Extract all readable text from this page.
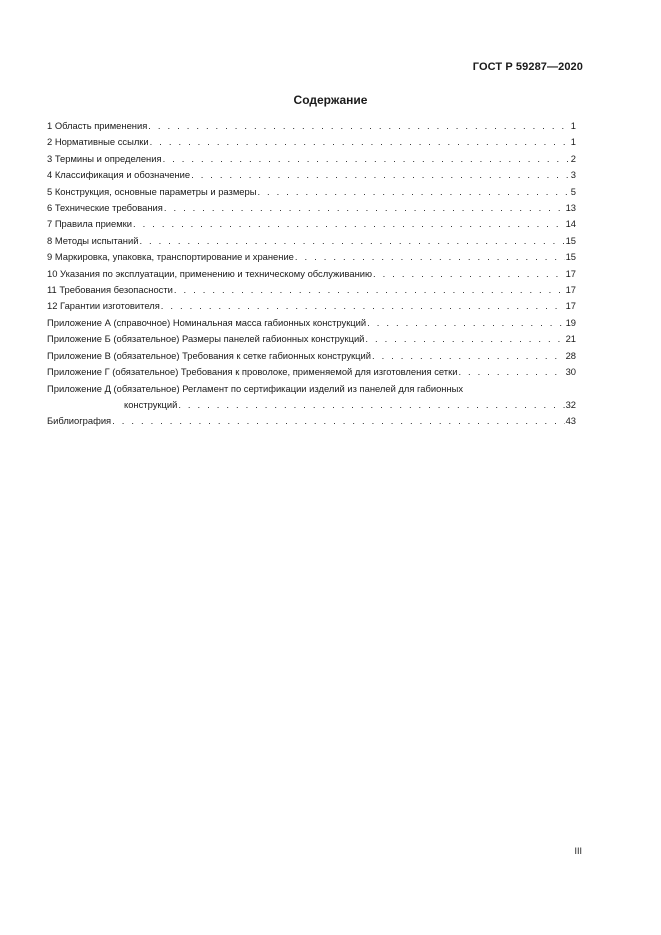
ГОСТ Р 59287—2020
Содержание
1 Область применения . . .	1
2 Нормативные ссылки . . .	1
3 Термины и определения . . .	2
4 Классификация и обозначение . . .	3
5 Конструкция, основные параметры и размеры . . .	5
6 Технические требования . . .	13
7 Правила приемки . . .	14
8 Методы испытаний . . .	15
9 Маркировка, упаковка, транспортирование и хранение . . .	15
10 Указания по эксплуатации, применению и техническому обслуживанию . . .	17
11 Требования безопасности . . .	17
12 Гарантии изготовителя . . .	17
Приложение А (справочное) Номинальная масса габионных конструкций . . .	19
Приложение Б (обязательное) Размеры панелей габионных конструкций . . .	21
Приложение В (обязательное) Требования к сетке габионных конструкций . . .	28
Приложение Г (обязательное) Требования к проволоке, применяемой для изготовления сетки . . .	30
Приложение Д (обязательное) Регламент по сертификации изделий из панелей для габионных
конструкций . . .	32
Библиография . . .	43
III
